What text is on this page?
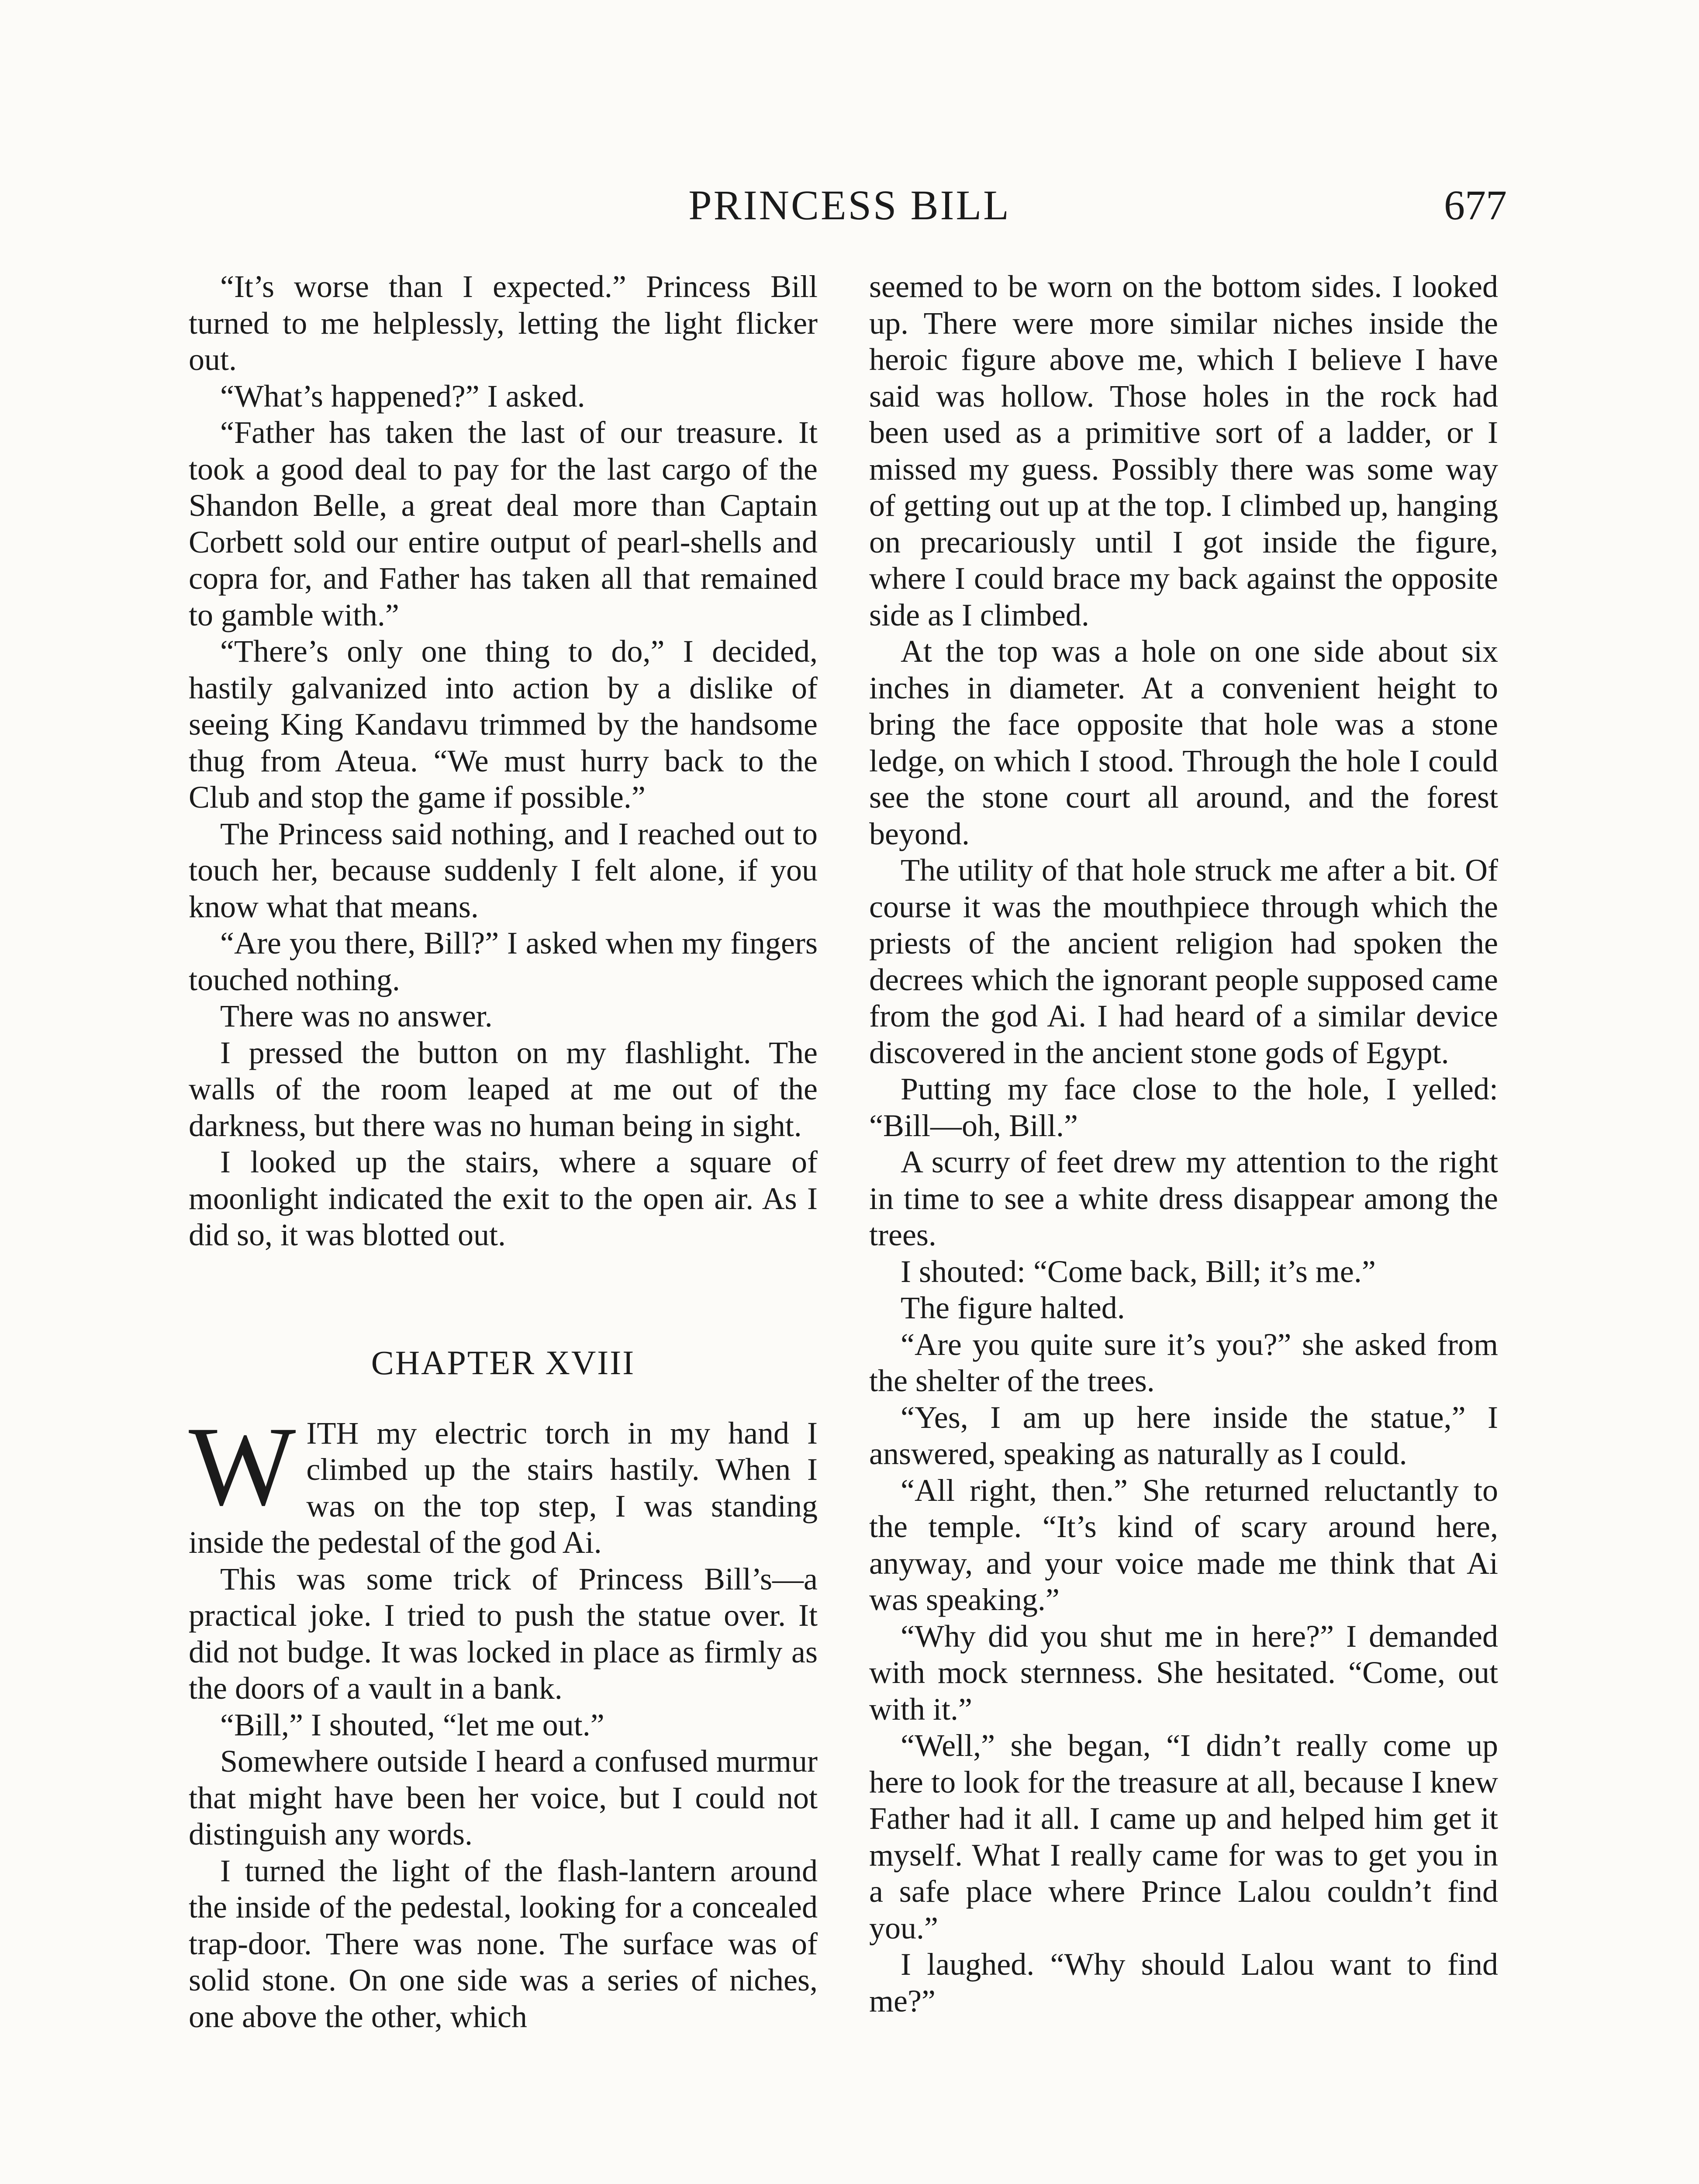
PRINCESS BILL	677

“It’s worse than I expected.” Princess Bill turned to me helplessly, letting the light flicker out.

“What’s happened?” I asked.

“Father has taken the last of our treasure. It took a good deal to pay for the last cargo of the Shandon Belle, a great deal more than Captain Corbett sold our entire output of pearl-shells and copra for, and Father has taken all that remained to gamble with.”

“There’s only one thing to do,” I decided, hastily galvanized into action by a dislike of seeing King Kandavu trimmed by the handsome thug from Ateua. “We must hurry back to the Club and stop the game if possible.”

The Princess said nothing, and I reached out to touch her, because suddenly I felt alone, if you know what that means.

“Are you there, Bill?” I asked when my fingers touched nothing.

There was no answer.

I pressed the button on my flashlight. The walls of the room leaped at me out of the darkness, but there was no human being in sight.

I looked up the stairs, where a square of moonlight indicated the exit to the open air. As I did so, it was blotted out.

CHAPTER XVIII

WITH my electric torch in my hand I climbed up the stairs hastily. When I was on the top step, I was standing inside the pedestal of the god Ai.

This was some trick of Princess Bill’s—a practical joke. I tried to push the statue over. It did not budge. It was locked in place as firmly as the doors of a vault in a bank.

“Bill,” I shouted, “let me out.”

Somewhere outside I heard a confused murmur that might have been her voice, but I could not distinguish any words.

I turned the light of the flash-lantern around the inside of the pedestal, looking for a concealed trap-door. There was none. The surface was of solid stone. On one side was a series of niches, one above the other, which

seemed to be worn on the bottom sides. I looked up. There were more similar niches inside the heroic figure above me, which I believe I have said was hollow. Those holes in the rock had been used as a primitive sort of a ladder, or I missed my guess. Possibly there was some way of getting out up at the top. I climbed up, hanging on precariously until I got inside the figure, where I could brace my back against the opposite side as I climbed.

At the top was a hole on one side about six inches in diameter. At a convenient height to bring the face opposite that hole was a stone ledge, on which I stood. Through the hole I could see the stone court all around, and the forest beyond.

The utility of that hole struck me after a bit. Of course it was the mouthpiece through which the priests of the ancient religion had spoken the decrees which the ignorant people supposed came from the god Ai. I had heard of a similar device discovered in the ancient stone gods of Egypt.

Putting my face close to the hole, I yelled: “Bill—oh, Bill.”

A scurry of feet drew my attention to the right in time to see a white dress disappear among the trees.

I shouted: “Come back, Bill; it’s me.”

The figure halted.

“Are you quite sure it’s you?” she asked from the shelter of the trees.

“Yes, I am up here inside the statue,” I answered, speaking as naturally as I could.

“All right, then.” She returned reluctantly to the temple. “It’s kind of scary around here, anyway, and your voice made me think that Ai was speaking.”

“Why did you shut me in here?” I demanded with mock sternness. She hesitated. “Come, out with it.”

“Well,” she began, “I didn’t really come up here to look for the treasure at all, because I knew Father had it all. I came up and helped him get it myself. What I really came for was to get you in a safe place where Prince Lalou couldn’t find you.”

I laughed. “Why should Lalou want to find me?”
